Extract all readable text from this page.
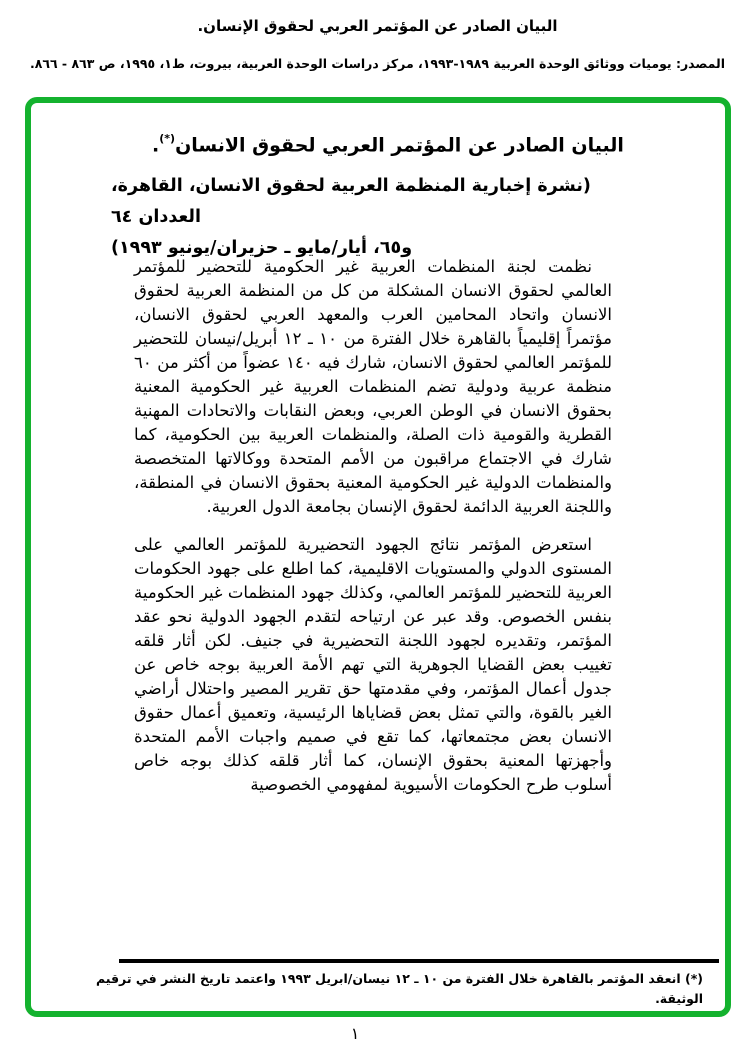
البيان الصادر عن المؤتمر العربي لحقوق الإنسان.
المصدر: يوميات ووثائق الوحدة العربية ١٩٨٩-١٩٩٣، مركز دراسات الوحدة العربية، بيروت، ط١، ١٩٩٥، ص ٨٦٣ - ٨٦٦.
البيان الصادر عن المؤتمر العربي لحقوق الانسان(*).
(نشرة إخبارية المنظمة العربية لحقوق الانسان، القاهرة، العددان ٦٤
و٦٥، أيار/مايو ـ حزيران/يونيو ١٩٩٣)

نظمت لجنة المنظمات العربية غير الحكومية للتحضير للمؤتمر العالمي لحقوق الانسان المشكلة من كل من المنظمة العربية لحقوق الانسان واتحاد المحامين العرب والمعهد العربي لحقوق الانسان، مؤتمراً إقليمياً بالقاهرة خلال الفترة من ١٠ ـ ١٢ أبريل/نيسان للتحضير للمؤتمر العالمي لحقوق الانسان، شارك فيه ١٤٠ عضواً من أكثر من ٦٠ منظمة عربية ودولية تضم المنظمات العربية غير الحكومية المعنية بحقوق الانسان في الوطن العربي، وبعض النقابات والاتحادات المهنية القطرية والقومية ذات الصلة، والمنظمات العربية بين الحكومية، كما شارك في الاجتماع مراقبون من الأمم المتحدة ووكالاتها المتخصصة والمنظمات الدولية غير الحكومية المعنية بحقوق الانسان في المنطقة، واللجنة العربية الدائمة لحقوق الإنسان بجامعة الدول العربية.

استعرض المؤتمر نتائج الجهود التحضيرية للمؤتمر العالمي على المستوى الدولي والمستويات الاقليمية، كما اطلع على جهود الحكومات العربية للتحضير للمؤتمر العالمي، وكذلك جهود المنظمات غير الحكومية بنفس الخصوص. وقد عبر عن ارتياحه لتقدم الجهود الدولية نحو عقد المؤتمر، وتقديره لجهود اللجنة التحضيرية في جنيف. لكن أثار قلقه تغييب بعض القضايا الجوهرية التي تهم الأمة العربية بوجه خاص عن جدول أعمال المؤتمر، وفي مقدمتها حق تقرير المصير واحتلال أراضي الغير بالقوة، والتي تمثل بعض قضاياها الرئيسية، وتعميق أعمال حقوق الانسان بعض مجتمعاتها، كما تقع في صميم واجبات الأمم المتحدة وأجهزتها المعنية بحقوق الإنسان، كما أثار قلقه كذلك بوجه خاص أسلوب طرح الحكومات الأسيوية لمفهومي الخصوصية

(*) انعقد المؤتمر بالقاهرة خلال الفترة من ١٠ ـ ١٢ نيسان/ابريل ١٩٩٣ واعتمد تاريخ النشر في ترقيم الوثيقة.
١
